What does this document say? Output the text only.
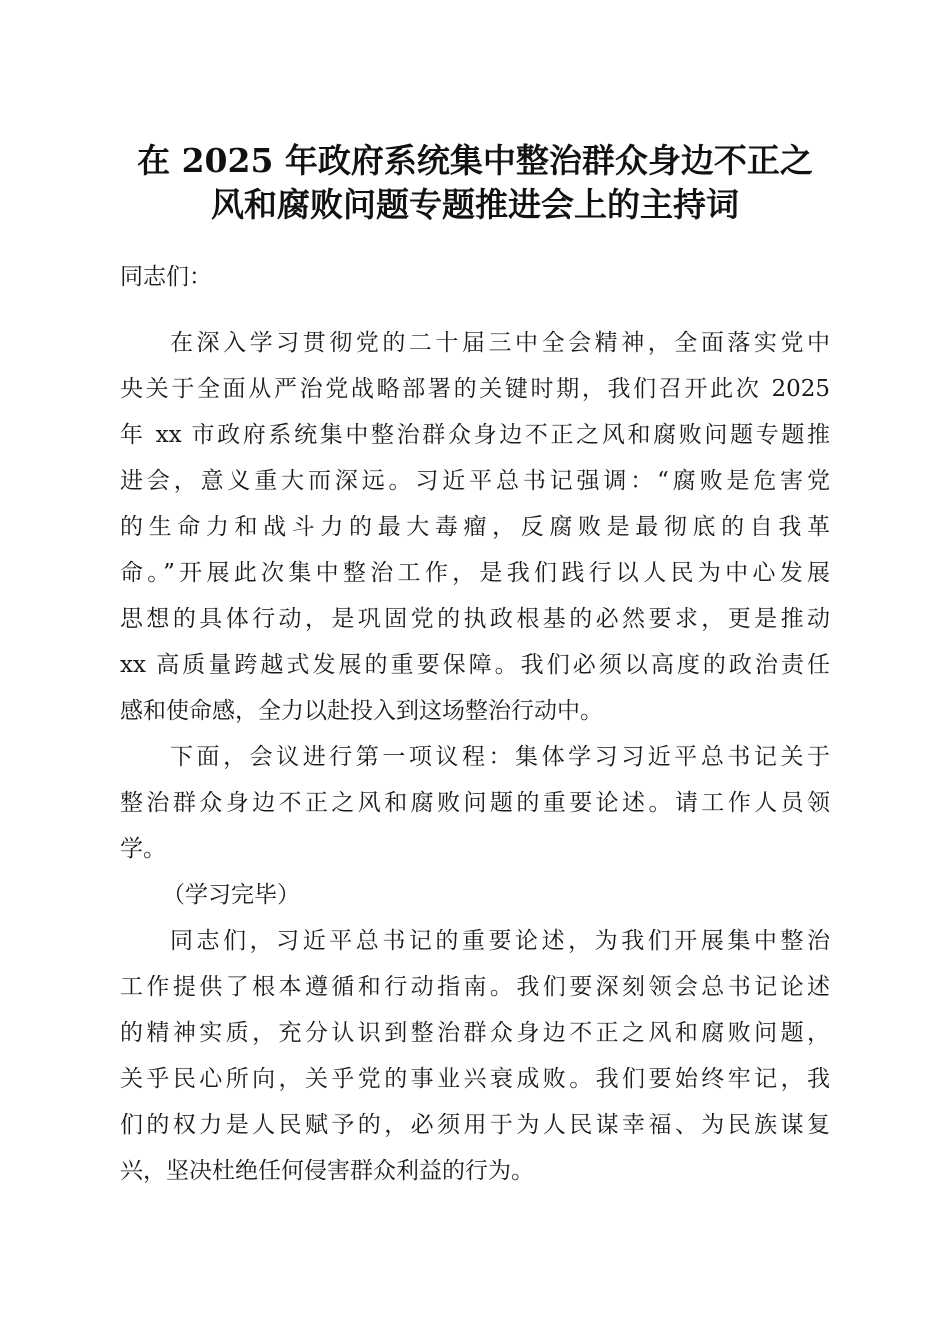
在 2025 年政府系统集中整治群众身边不正之
风和腐败问题专题推进会上的主持词
同志们：
在深入学习贯彻党的二十届三中全会精神，全面落实党中
央关于全面从严治党战略部署的关键时期，我们召开此次 2025
年 xx 市政府系统集中整治群众身边不正之风和腐败问题专题推
进会，意义重大而深远。习近平总书记强调：“腐败是危害党
的生命力和战斗力的最大毒瘤，反腐败是最彻底的自我革
命。”开展此次集中整治工作，是我们践行以人民为中心发展
思想的具体行动，是巩固党的执政根基的必然要求，更是推动
xx 高质量跨越式发展的重要保障。我们必须以高度的政治责任
感和使命感，全力以赴投入到这场整治行动中。
下面，会议进行第一项议程：集体学习习近平总书记关于
整治群众身边不正之风和腐败问题的重要论述。请工作人员领
学。
（学习完毕）
同志们，习近平总书记的重要论述，为我们开展集中整治
工作提供了根本遵循和行动指南。我们要深刻领会总书记论述
的精神实质，充分认识到整治群众身边不正之风和腐败问题，
关乎民心所向，关乎党的事业兴衰成败。我们要始终牢记，我
们的权力是人民赋予的，必须用于为人民谋幸福、为民族谋复
兴，坚决杜绝任何侵害群众利益的行为。
